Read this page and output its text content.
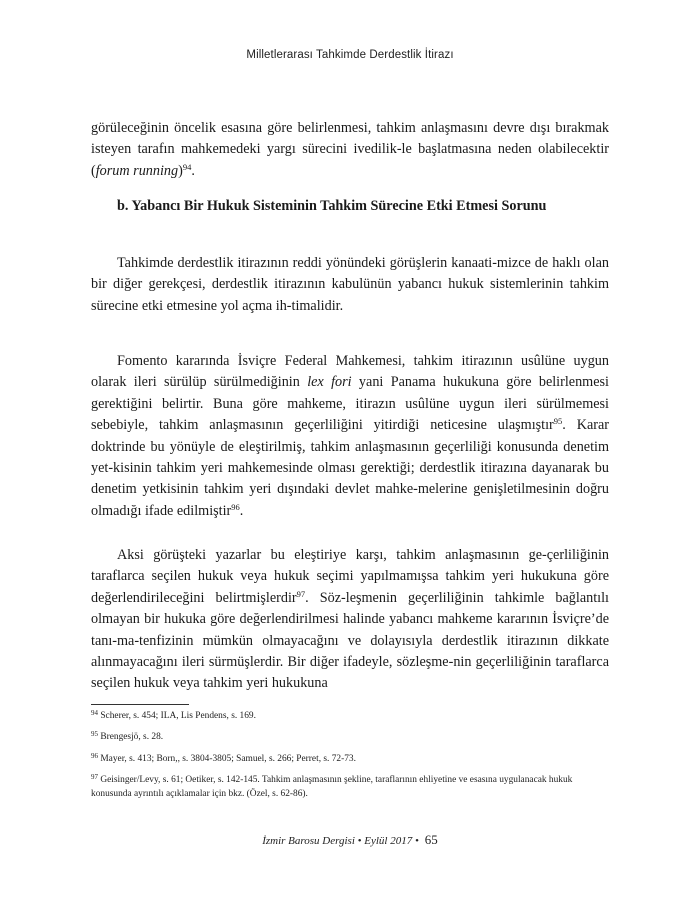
Milletlerarası Tahkimde Derdestlik İtirazı

görüleceğinin öncelik esasına göre belirlenmesi, tahkim anlaşmasını devre dışı bırakmak isteyen tarafın mahkemedeki yargı sürecini ivedilik-le başlatmasına neden olabilecektir (forum running)$^{94}$.

b. Yabancı Bir Hukuk Sisteminin Tahkim Sürecine Etki Etmesi Sorunu

Tahkimde derdestlik itirazının reddi yönündeki görüşlerin kanaati-mizce de haklı olan bir diğer gerekçesi, derdestlik itirazının kabulünün yabancı hukuk sistemlerinin tahkim sürecine etki etmesine yol açma ih-timalidir.

Fomento kararında İsviçre Federal Mahkemesi, tahkim itirazının usûlüne uygun olarak ileri sürülüp sürülmediğinin lex fori yani Panama hukukuna göre belirlenmesi gerektiğini belirtir. Buna göre mahkeme, itirazın usûlüne uygun ileri sürülmemesi sebebiyle, tahkim anlaşmasının geçerliliğini yitirdiği neticesine ulaşmıştır$^{95}$. Karar doktrinde bu yönüyle de eleştirilmiş, tahkim anlaşmasının geçerliliği konusunda denetim yet-kisinin tahkim yeri mahkemesinde olması gerektiği; derdestlik itirazına dayanarak bu denetim yetkisinin tahkim yeri dışındaki devlet mahke-melerine genişletilmesinin doğru olmadığı ifade edilmiştir$^{96}$.

Aksi görüşteki yazarlar bu eleştiriye karşı, tahkim anlaşmasının ge-çerliliğinin taraflarca seçilen hukuk veya hukuk seçimi yapılmamışsa tahkim yeri hukukuna göre değerlendirileceğini belirtmişlerdir$^{97}$. Söz-leşmenin geçerliliğinin tahkimle bağlantılı olmayan bir hukuka göre değerlendirilmesi halinde yabancı mahkeme kararının İsviçre’de tanı-ma-tenfizinin mümkün olmayacağını ve dolayısıyla derdestlik itirazının dikkate alınmayacağını ileri sürmüşlerdir. Bir diğer ifadeyle, sözleşme-nin geçerliliğinin taraflarca seçilen hukuk veya tahkim yeri hukukuna

$^{94}$ Scherer, s. 454; ILA, Lis Pendens, s. 169.

$^{95}$ Brengesjö, s. 28.

$^{96}$ Mayer, s. 413; Born,, s. 3804-3805; Samuel, s. 266; Perret, s. 72-73.

$^{97}$ Geisinger/Levy, s. 61; Oetiker, s. 142-145. Tahkim anlaşmasının şekline, taraflarının ehliyetine ve esasına uygulanacak hukuk konusunda ayrıntılı açıklamalar için bkz. (Özel, s. 62-86).

İzmir Barosu Dergisi • Eylül 2017 • 65
